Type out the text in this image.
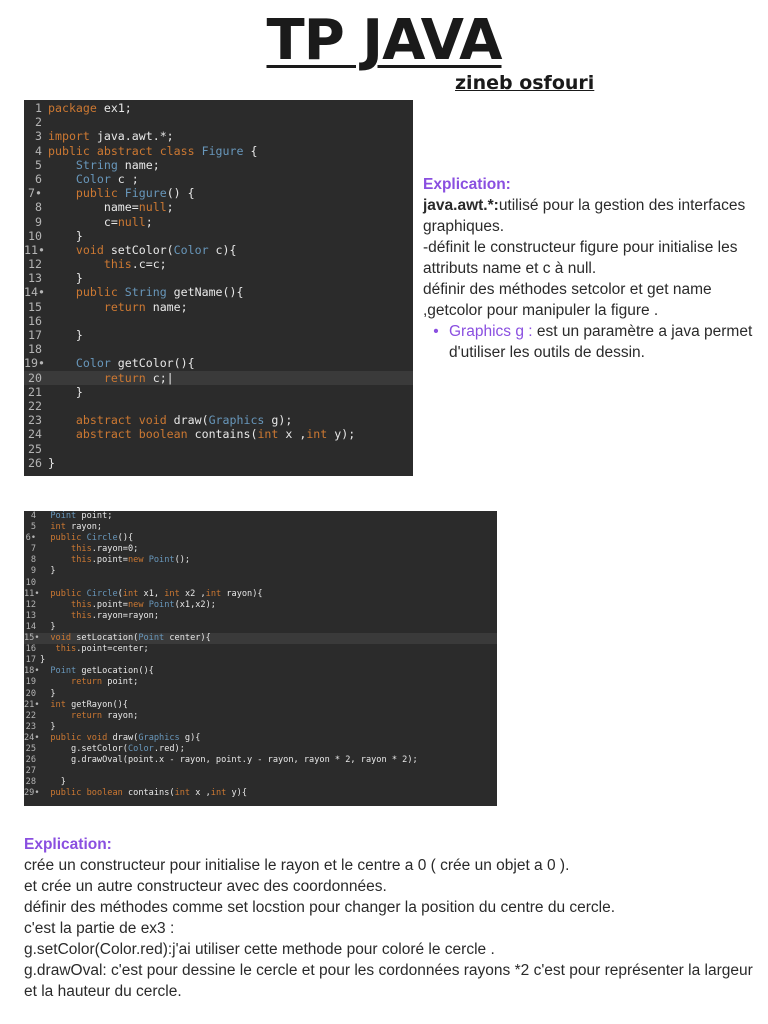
TP JAVA
zineb osfouri
1 package ex1;
2
3 import java.awt.*;
4 public abstract class Figure {
5	String name;
6	Color c ;
7•	public Figure() {
8        name=null;
9        c=null;
10    }
11•	void setColor(Color c){
12	this.c=c;
13    }
14•	public String getName(){
15	return name;
16
17    }
18
19•	Color getColor(){
20	return c;|
21    }
22
23	abstract void draw(Graphics g);
24	abstract boolean contains(int x ,int y);
25
26 }

Explication:

java.awt.*:utilisé pour la gestion des interfaces graphiques.

-définit le constructeur figure pour initialise les attributs name et c à null.

définir des méthodes setcolor et get name ,getcolor pour manipuler la figure .

• Graphics g : est un paramètre a java permet d'utiliser les outils de dessin.
4 Point point;
5 int rayon;
6• public Circle(){
7	this.rayon=0;
8	this.point=new Point();
9  }
10
11• public Circle(int x1, int x2 ,int rayon){
12	this.point=new Point(x1,x2);
13	this.rayon=rayon;
14  }
15• void setLocation(Point center){
16 this.point=center;
17 }
18• Point getLocation(){
19	return point;
20  }
21• int getRayon(){
22	return rayon;
23  }
24• public void draw(Graphics g){
25      g.setColor(Color.red);
26      g.drawOval(point.x - rayon, point.y - rayon, rayon * 2, rayon * 2);
27
28    }
29• public boolean contains(int x ,int y){

Explication:

crée un constructeur pour initialise le rayon et le centre a 0 ( crée un objet a 0 ).

et crée un autre constructeur avec des coordonnées.

définir des méthodes comme set locstion pour changer la position du centre du cercle.

c'est la partie de ex3 :

g.setColor(Color.red):j'ai utiliser cette methode pour coloré le cercle .

g.drawOval: c'est pour dessine le cercle et pour les cordonnées rayons *2 c'est pour représenter la largeur et la hauteur du cercle.
